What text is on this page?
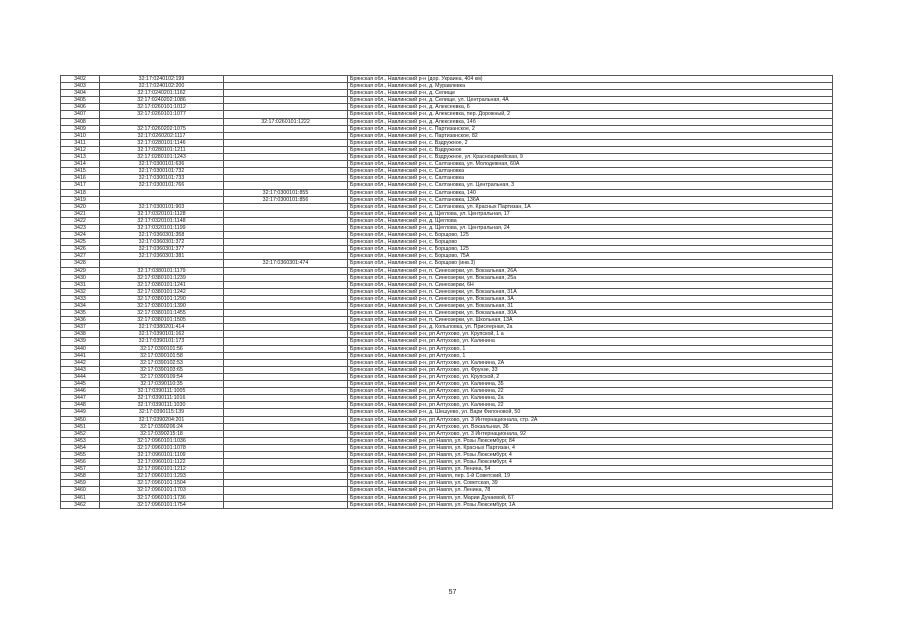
3402	32:17:0240102:199		Брянская обл., Навлинский р-н (дор. Украина, 404 км)
3403	32:17:0240102:200		Брянская обл., Навлинский р-н, д. Муравлевка
3404	32:17:0240201:1162		Брянская обл., Навлинский р-н, д. Селище
3405	32:17:0240202:1086		Брянская обл., Навлинский р-н, д. Селище, ул. Центральная, 4А
3406	32:17:0260101:1012		Брянская обл., Навлинский р-н, д. Алексеевка, 6
3407	32:17:0260101:1077		Брянская обл., Навлинский р-н, д. Алексеевка, пер. Дорожный, 2
3408		32:17:0260101:1222	Брянская обл., Навлинский р-н, д. Алексеевка, 14б
3409	32:17:0260202:1075		Брянская обл., Навлинский р-н, с. Партизанское, 2
3410	32:17:0260202:1117		Брянская обл., Навлинский р-н, с. Партизанское, 82
3411	32:17:0280101:1146		Брянская обл., Навлинский р-н, с. Вздружное, 2
3412	32:17:0280101:1211		Брянская обл., Навлинский р-н, с. Вздружное
3413	32:17:0280101:1243		Брянская обл., Навлинский р-н, с. Вздружное, ул. Красноармейская, 9
3414	32:17:0300101:636		Брянская обл., Навлинский р-н, с. Салтановка, ул. Молодежная, 60А
3415	32:17:0300101:732		Брянская обл., Навлинский р-н, с. Салтановка
3416	32:17:0300101:733		Брянская обл., Навлинский р-н, с. Салтановка
3417	32:17:0300101:766		Брянская обл., Навлинский р-н, с. Салтановка, ул. Центральная, 3
3418		32:17:0300101:855	Брянская обл., Навлинский р-н, с. Салтановка, 140
3419		32:17:0300101:856	Брянская обл., Навлинский р-н, с. Салтановка, 136А
3420	32:17:0300101:903		Брянская обл., Навлинский р-н, с. Салтановка, ул. Красных Партизан, 1А
3421	32:17:0320101:1128		Брянская обл., Навлинский р-н, д. Щеглова, ул. Центральная, 17
3422	32:17:0320101:1148		Брянская обл., Навлинский р-н, д. Щеглова
3423	32:17:0320101:1199		Брянская обл., Навлинский р-н, д. Щеглова, ул. Центральная, 24
3424	32:17:0360301:358		Брянская обл., Навлинский р-н, с. Борщово, 125
3425	32:17:0360301:372		Брянская обл., Навлинский р-н, с. Борщово
3426	32:17:0360301:377		Брянская обл., Навлинский р-н, с. Борщово, 125
3427	32:17:0360301:381		Брянская обл., Навлинский р-н, с. Борщово, 75А
3428		32:17:0360301:474	Брянская обл., Навлинский р-н, с. Борщово (инв.3)
3429	32:17:0380101:1179		Брянская обл., Навлинский р-н, п. Синеозерки, ул. Вокзальная, 26А
3430	32:17:0380101:1239		Брянская обл., Навлинский р-н, п. Синеозерки, ул. Вокзальная, 25а
3431	32:17:0380101:1241		Брянская обл., Навлинский р-н, п. Синеозерки, 6Н
3432	32:17:0380101:1242		Брянская обл., Навлинский р-н, п. Синеозерки, ул. Вокзальная, 31А
3433	32:17:0380101:1290		Брянская обл., Навлинский р-н, п. Синеозерки, ул. Вокзальная, 3А
3434	32:17:0380101:1390		Брянская обл., Навлинский р-н, п. Синеозерки, ул. Вокзальная, 31
3435	32:17:0380101:1455		Брянская обл., Навлинский р-н, п. Синеозерки, ул. Вокзальная, 30А
3436	32:17:0380101:1505		Брянская обл., Навлинский р-н, п. Синеозерки, ул. Школьная, 13А
3437	32:17:0380201:414		Брянская обл., Навлинский р-н, д. Копыловка, ул. Присеерная, 2а
3438	32:17:0390101:162		Брянская обл., Навлинский р-н, рп Алтухово, ул. Крупской, 1 а
3439	32:17:0390101:173		Брянская обл., Навлинский р-н, рп Алтухово, ул. Калинина
3440	32:17:0390101:56		Брянская обл., Навлинский р-н, рп Алтухово, 1
3441	32:17:0390101:58		Брянская обл., Навлинский р-н, рп Алтухово, 1
3442	32:17:0390102:53		Брянская обл., Навлинский р-н, рп Алтухово, ул. Калинина, 2А
3443	32:17:0390103:65		Брянская обл., Навлинский р-н, рп Алтухово, ул. Фрунзе, 33
3444	32:17:0390109:54		Брянская обл., Навлинский р-н, рп Алтухово, ул. Крупской, 2
3445	32:17:0390110:35		Брянская обл., Навлинский р-н, рп Алтухово, ул. Калинина, 35
3446	32:17:0390111:1005		Брянская обл., Навлинский р-н, рп Алтухово, ул. Калинина, 22
3447	32:17:0390111:1016		Брянская обл., Навлинский р-н, рп Алтухово, ул. Калинина, 2а
3448	32:17:0390111:1030		Брянская обл., Навлинский р-н, рп Алтухово, ул. Калинина, 22
3449	32:17:0390115:139		Брянская обл., Навлинский р-н, д. Шешуево, ул. Вари Филоновой, 50
3450	32:17:0390204:201		Брянская обл., Навлинский р-н, рп Алтухово, ул. 3 Интернационала, стр. 2А
3451	32:17:0390206:24		Брянская обл., Навлинский р-н, рп Алтухово, ул. Вокзальная, 36
3452	32:17:0390215:18		Брянская обл., Навлинский р-н, рп Алтухово, ул. 3 Интернационала, 92
3453	32:17:0960101:1036		Брянская обл., Навлинский р-н, рп Навля, ул. Розы Люксембург, 84
3454	32:17:0960101:1078		Брянская обл., Навлинский р-н, рп Навля, ул. Красных Партизан, 4
3455	32:17:0960101:1109		Брянская обл., Навлинский р-н, рп Навля, ул. Розы Люксембург, 4
3456	32:17:0960101:1122		Брянская обл., Навлинский р-н, рп Навля, ул. Розы Люксембург, 4
3457	32:17:0960101:1212		Брянская обл., Навлинский р-н, рп Навля, ул. Ленина, 54
3458	32:17:0960101:1293		Брянская обл., Навлинский р-н, рп Навля, пер. 1-й Советский, 19
3459	32:17:0960101:1504		Брянская обл., Навлинский р-н, рп Навля, ул. Советская, 39
3460	32:17:0960101:1703		Брянская обл., Навлинский р-н, рп Навля, ул. Ленина, 78
3461	32:17:0960101:1736		Брянская обл., Навлинский р-н, рп Навля, ул. Марии Дунаевой, 67
3462	32:17:0960101:1754		Брянская обл., Навлинский р-н, рп Навля, ул. Розы Люксембург, 1А
57
